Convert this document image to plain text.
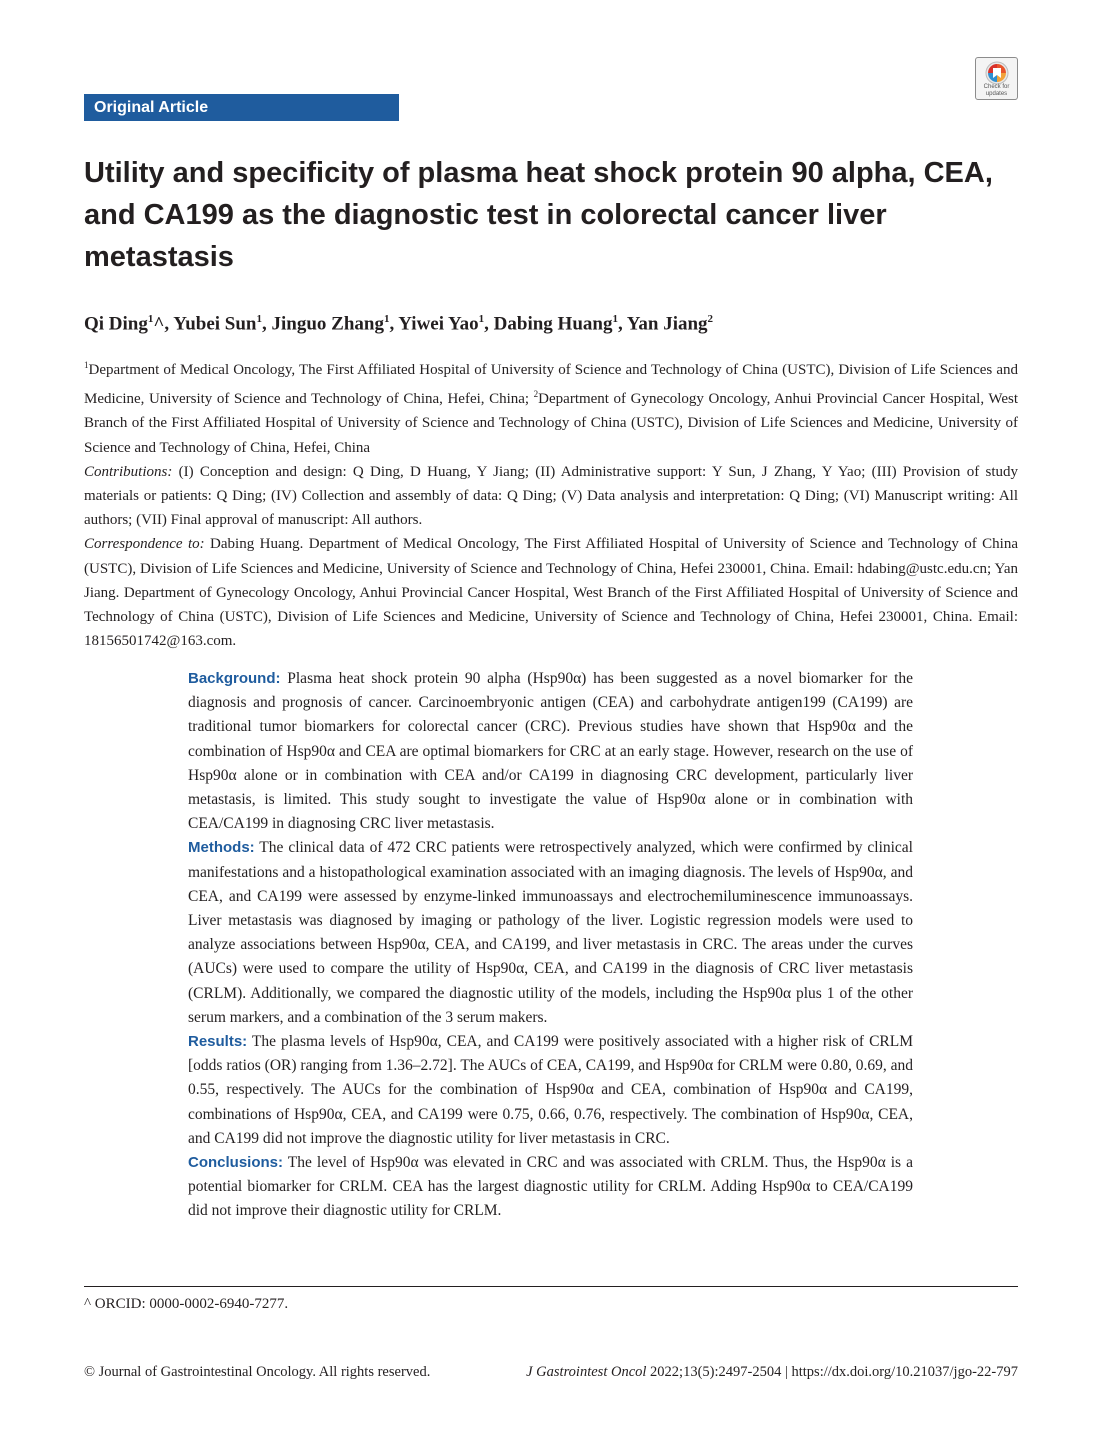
Original Article
Check for updates
Utility and specificity of plasma heat shock protein 90 alpha, CEA, and CA199 as the diagnostic test in colorectal cancer liver metastasis
Qi Ding$^1$^, Yubei Sun$^1$, Jinguo Zhang$^1$, Yiwei Yao$^1$, Dabing Huang$^1$, Yan Jiang$^2$

$^1$Department of Medical Oncology, The First Affiliated Hospital of University of Science and Technology of China (USTC), Division of Life Sciences and Medicine, University of Science and Technology of China, Hefei, China; $^2$Department of Gynecology Oncology, Anhui Provincial Cancer Hospital, West Branch of the First Affiliated Hospital of University of Science and Technology of China (USTC), Division of Life Sciences and Medicine, University of Science and Technology of China, Hefei, China

Contributions: (I) Conception and design: Q Ding, D Huang, Y Jiang; (II) Administrative support: Y Sun, J Zhang, Y Yao; (III) Provision of study materials or patients: Q Ding; (IV) Collection and assembly of data: Q Ding; (V) Data analysis and interpretation: Q Ding; (VI) Manuscript writing: All authors; (VII) Final approval of manuscript: All authors.

Correspondence to: Dabing Huang. Department of Medical Oncology, The First Affiliated Hospital of University of Science and Technology of China (USTC), Division of Life Sciences and Medicine, University of Science and Technology of China, Hefei 230001, China. Email: hdabing@ustc.edu.cn; Yan Jiang. Department of Gynecology Oncology, Anhui Provincial Cancer Hospital, West Branch of the First Affiliated Hospital of University of Science and Technology of China (USTC), Division of Life Sciences and Medicine, University of Science and Technology of China, Hefei 230001, China. Email: 18156501742@163.com.

Background: Plasma heat shock protein 90 alpha (Hsp90α) has been suggested as a novel biomarker for the diagnosis and prognosis of cancer. Carcinoembryonic antigen (CEA) and carbohydrate antigen199 (CA199) are traditional tumor biomarkers for colorectal cancer (CRC). Previous studies have shown that Hsp90α and the combination of Hsp90α and CEA are optimal biomarkers for CRC at an early stage. However, research on the use of Hsp90α alone or in combination with CEA and/or CA199 in diagnosing CRC development, particularly liver metastasis, is limited. This study sought to investigate the value of Hsp90α alone or in combination with CEA/CA199 in diagnosing CRC liver metastasis.

Methods: The clinical data of 472 CRC patients were retrospectively analyzed, which were confirmed by clinical manifestations and a histopathological examination associated with an imaging diagnosis. The levels of Hsp90α, and CEA, and CA199 were assessed by enzyme-linked immunoassays and electrochemiluminescence immunoassays. Liver metastasis was diagnosed by imaging or pathology of the liver. Logistic regression models were used to analyze associations between Hsp90α, CEA, and CA199, and liver metastasis in CRC. The areas under the curves (AUCs) were used to compare the utility of Hsp90α, CEA, and CA199 in the diagnosis of CRC liver metastasis (CRLM). Additionally, we compared the diagnostic utility of the models, including the Hsp90α plus 1 of the other serum markers, and a combination of the 3 serum makers.

Results: The plasma levels of Hsp90α, CEA, and CA199 were positively associated with a higher risk of CRLM [odds ratios (OR) ranging from 1.36–2.72]. The AUCs of CEA, CA199, and Hsp90α for CRLM were 0.80, 0.69, and 0.55, respectively. The AUCs for the combination of Hsp90α and CEA, combination of Hsp90α and CA199, combinations of Hsp90α, CEA, and CA199 were 0.75, 0.66, 0.76, respectively. The combination of Hsp90α, CEA, and CA199 did not improve the diagnostic utility for liver metastasis in CRC.

Conclusions: The level of Hsp90α was elevated in CRC and was associated with CRLM. Thus, the Hsp90α is a potential biomarker for CRLM. CEA has the largest diagnostic utility for CRLM. Adding Hsp90α to CEA/CA199 did not improve their diagnostic utility for CRLM.

^ ORCID: 0000-0002-6940-7277.
© Journal of Gastrointestinal Oncology. All rights reserved.	J Gastrointest Oncol 2022;13(5):2497-2504 | https://dx.doi.org/10.21037/jgo-22-797
